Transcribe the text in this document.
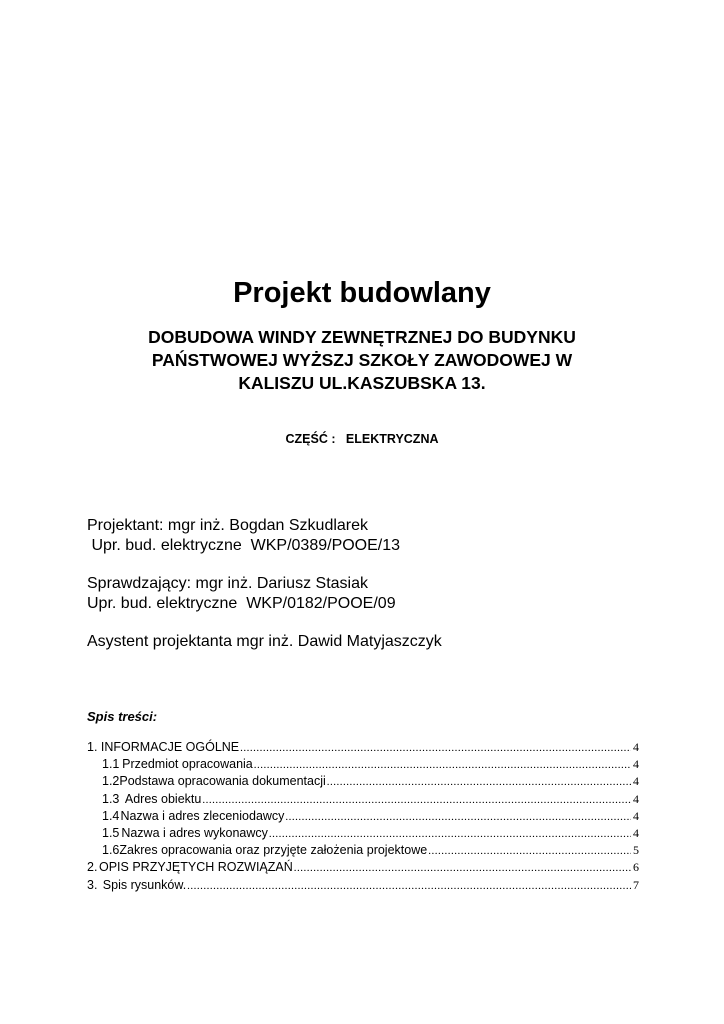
Projekt budowlany
DOBUDOWA WINDY ZEWNĘTRZNEJ DO BUDYNKU
PAŃSTWOWEJ WYŻSZJ SZKOŁY ZAWODOWEJ W
KALISZU UL.KASZUBSKA 13.
CZĘŚĆ : ELEKTRYCZNA
Projektant: mgr inż. Bogdan Szkudlarek
Upr. bud. elektryczne  WKP/0389/POOE/13
Sprawdzający: mgr inż. Dariusz Stasiak
Upr. bud. elektryczne  WKP/0182/POOE/09
Asystent projektanta mgr inż. Dawid Matyjaszczyk
Spis treści:
1. INFORMACJE OGÓLNE .....	4
1.1 Przedmiot opracowania .....	4
1.2 Podstawa opracowania dokumentacji .....	4
1.3 Adres obiektu .....	4
1.4 Nazwa i adres zleceniodawcy .....	4
1.5 Nazwa i adres wykonawcy .....	4
1.6 Zakres opracowania oraz przyjęte założenia projektowe .....	5
2. OPIS PRZYJĘTYCH ROZWIĄZAŃ .....	6
3. Spis rysunków. .....	7
